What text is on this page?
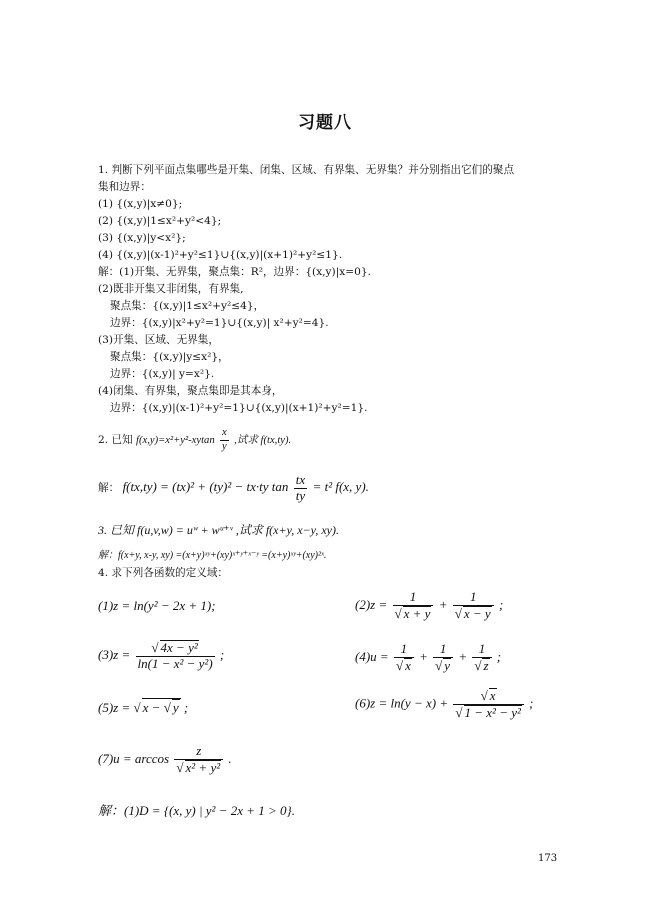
习题八
1. 判断下列平面点集哪些是开集、闭集、区域、有界集、无界集？并分别指出它们的聚点
集和边界：
(1) {(x,y)|x≠0};
(2) {(x,y)|1≤x²+y²<4};
(3) {(x,y)|y<x²};
(4) {(x,y)|(x-1)²+y²≤1}∪{(x,y)|(x+1)²+y²≤1}.
解：(1)开集、无界集，聚点集：R²，边界：{(x,y)|x=0}.
(2)既非开集又非闭集，有界集,
聚点集：{(x,y)|1≤x²+y²≤4}，
边界：{(x,y)|x²+y²=1}∪{(x,y)| x²+y²=4}.
(3)开集、区域、无界集，
聚点集：{(x,y)|y≤x²}，
边界：{(x,y)| y=x²}.
(4)闭集、有界集，聚点集即是其本身，
边界：{(x,y)|(x-1)²+y²=1}∪{(x,y)|(x+1)²+y²=1}.
2. 已知 $f(x,y)=x^2+y^2-xytan \frac{x}{y}$ ,试求 f(tx,ty).
解： f(tx,ty) = (tx)² + (ty)² − tx·ty $\tan \frac{tx}{ty} = t^2$ f(x, y).
3. 已知 f(u,v,w) = uʷ + wᵘ⁺ᵛ ,试求 f(x+y, x−y, xy).
解：f(x+y, x-y, xy) =(x+y)ˣʸ+(xy)ˣ⁺ʸ⁺ˣ⁻ʸ =(x+y)ˣʸ+(xy)²ˣ.
4. 求下列各函数的定义域：
(1)z = ln(y² − 2x + 1);	$(2)z = \frac{1}{√ x + y} + \frac{1}{√ x - y}$ ;
$(3)z = \frac{\text{√ 4x − y²}}{\text{ln(1 − x² − y²)}}$ ;	$(4)u = \frac{1}{√ x} + \frac{1}{√ y} + \frac{1}{√ z}$ ;
(5)z = √ x − √ y ;	$(6)z = \ln(y - x) + \frac{√ x}{\text{√ 1 − x² − y²}}$ ;
$(7)u = \arccos \frac{z}{\text{√ x² + y²}}$ .
解：(1)D = {(x, y) | y² − 2x + 1 > 0}.
173
